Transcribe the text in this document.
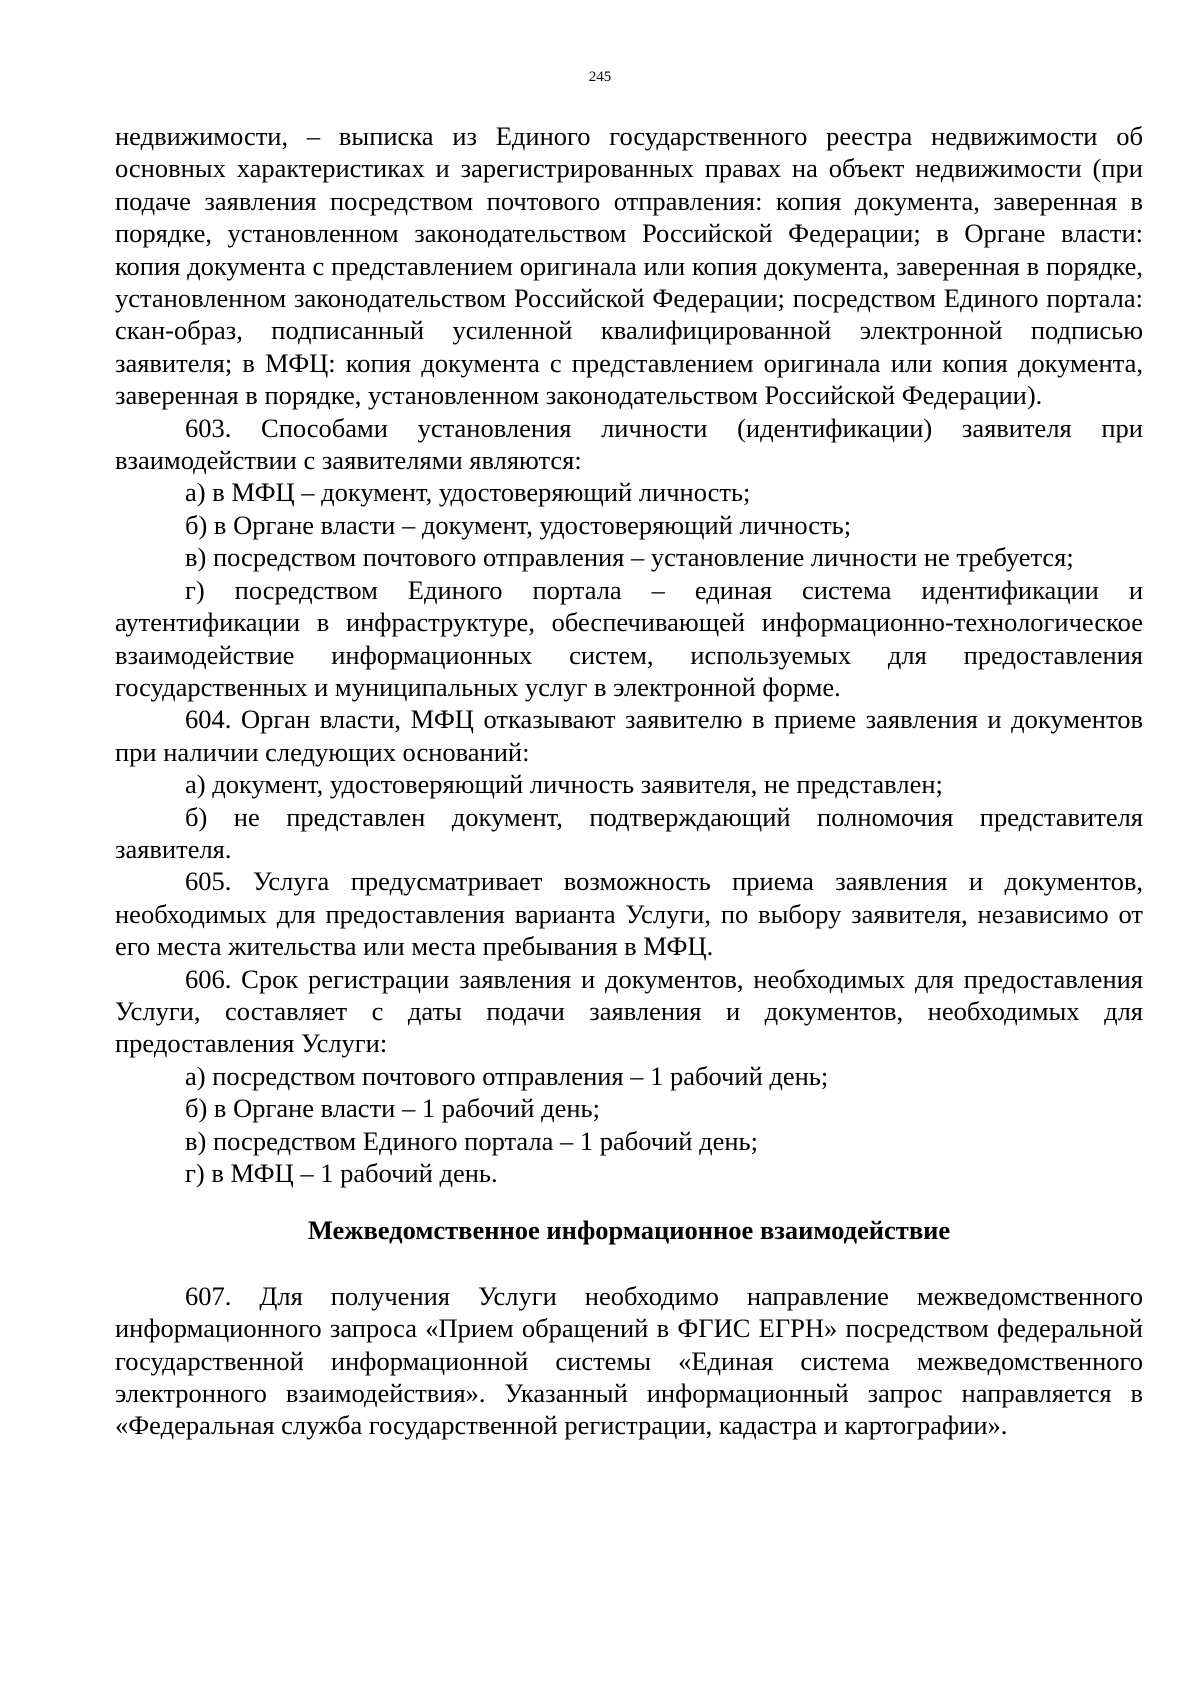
245

недвижимости, – выписка из Единого государственного реестра недвижимости об основных характеристиках и зарегистрированных правах на объект недвижимости (при подаче заявления посредством почтового отправления: копия документа, заверенная в порядке, установленном законодательством Российской Федерации; в Органе власти: копия документа с представлением оригинала или копия документа, заверенная в порядке, установленном законодательством Российской Федерации; посредством Единого портала: скан-образ, подписанный усиленной квалифицированной электронной подписью заявителя; в МФЦ: копия документа с представлением оригинала или копия документа, заверенная в порядке, установленном законодательством Российской Федерации).

603. Способами установления личности (идентификации) заявителя при взаимодействии с заявителями являются:

а) в МФЦ – документ, удостоверяющий личность;

б) в Органе власти – документ, удостоверяющий личность;

в) посредством почтового отправления – установление личности не требуется;

г) посредством Единого портала – единая система идентификации и аутентификации в инфраструктуре, обеспечивающей информационно-технологическое взаимодействие информационных систем, используемых для предоставления государственных и муниципальных услуг в электронной форме.

604. Орган власти, МФЦ отказывают заявителю в приеме заявления и документов при наличии следующих оснований:

а) документ, удостоверяющий личность заявителя, не представлен;

б) не представлен документ, подтверждающий полномочия представителя заявителя.

605. Услуга предусматривает возможность приема заявления и документов, необходимых для предоставления варианта Услуги, по выбору заявителя, независимо от его места жительства или места пребывания в МФЦ.

606. Срок регистрации заявления и документов, необходимых для предоставления Услуги, составляет с даты подачи заявления и документов, необходимых для предоставления Услуги:

а) посредством почтового отправления – 1 рабочий день;

б) в Органе власти – 1 рабочий день;

в) посредством Единого портала – 1 рабочий день;

г) в МФЦ – 1 рабочий день.

Межведомственное информационное взаимодействие

607. Для получения Услуги необходимо направление межведомственного информационного запроса «Прием обращений в ФГИС ЕГРН» посредством федеральной государственной информационной системы «Единая система межведомственного электронного взаимодействия». Указанный информационный запрос направляется в «Федеральная служба государственной регистрации, кадастра и картографии».
